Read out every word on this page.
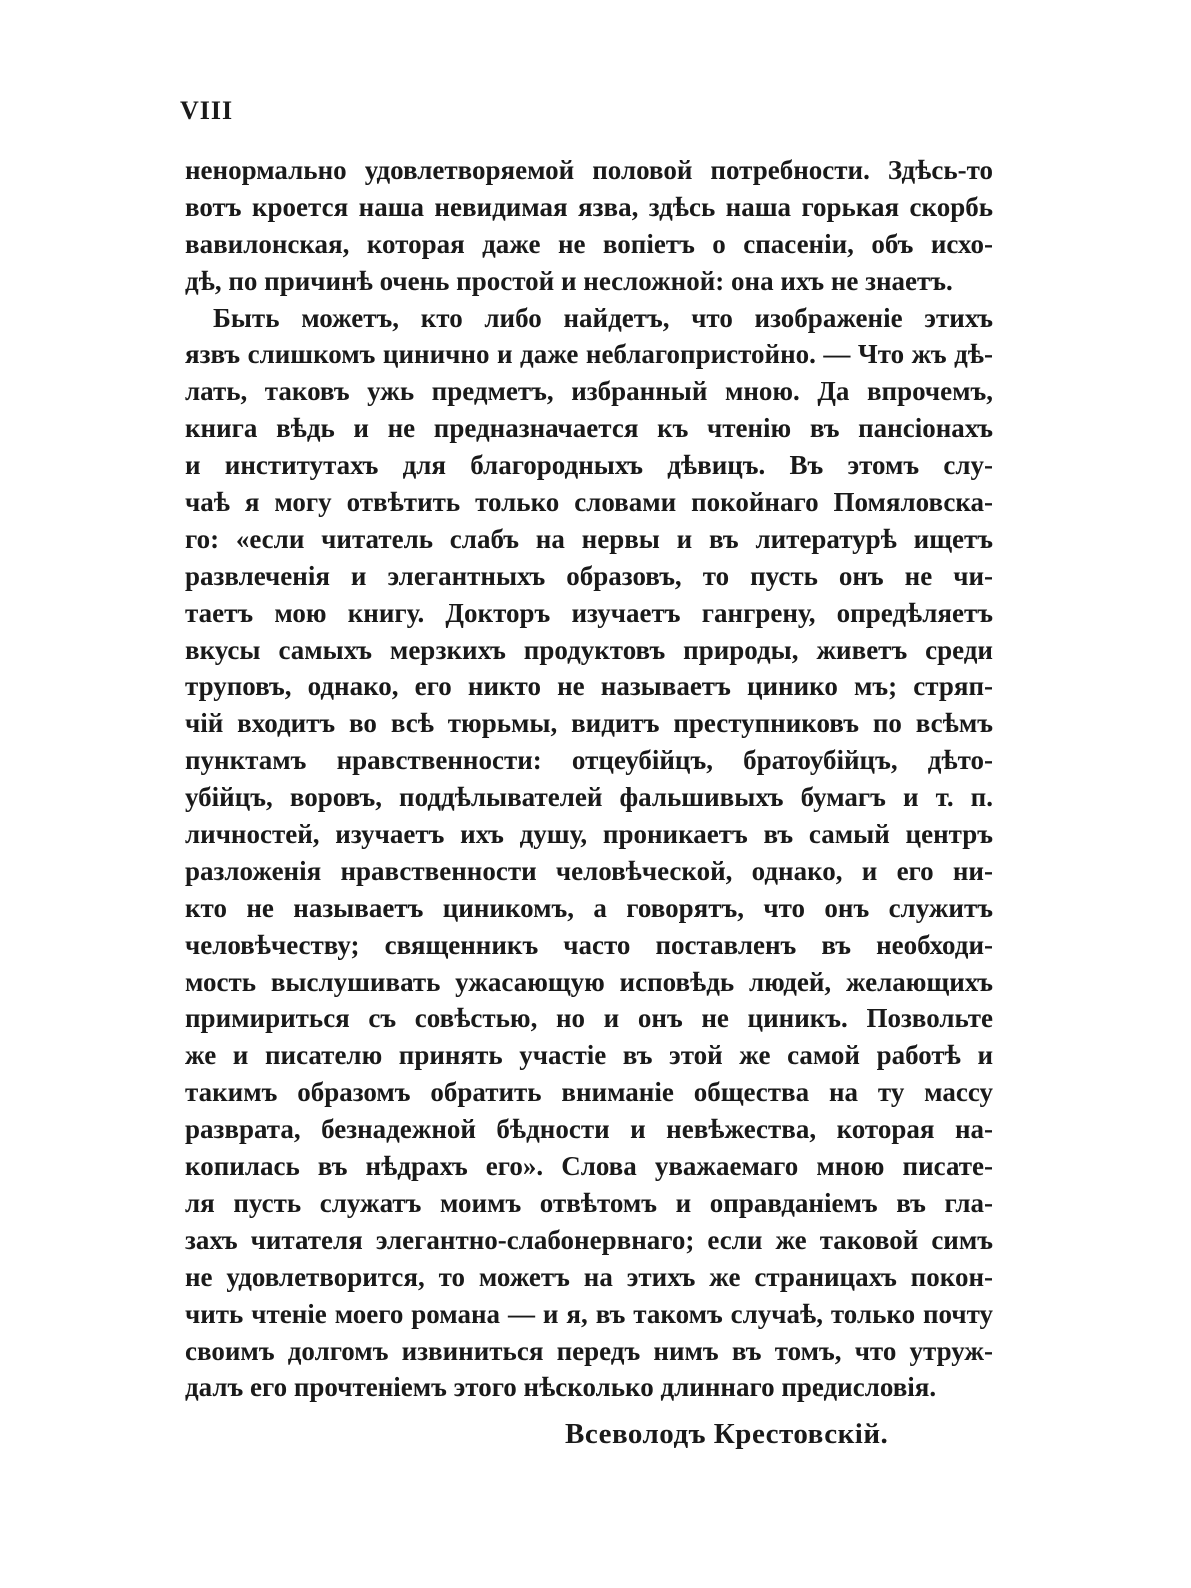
VIII
ненормально удовлетворяемой половой потребности. Здѣсь-то
вотъ кроется наша невидимая язва, здѣсь наша горькая скорбь
вавилонская, которая даже не вопіетъ о спасеніи, объ исхо-
дѣ, по причинѣ очень простой и несложной: она ихъ не знаетъ.
Быть можетъ, кто либо найдетъ, что изображеніе этихъ
язвъ слишкомъ цинично и даже неблагопристойно. — Что жъ дѣ-
лать, таковъ ужь предметъ, избранный мною. Да впрочемъ,
книга вѣдь и не предназначается къ чтенію въ пансіонахъ
и институтахъ для благородныхъ дѣвицъ. Въ этомъ слу-
чаѣ я могу отвѣтить только словами покойнаго Помяловска-
го: «если читатель слабъ на нервы и въ литературѣ ищетъ
развлеченія и элегантныхъ образовъ, то пусть онъ не чи-
таетъ мою книгу. Докторъ изучаетъ гангрену, опредѣляетъ
вкусы самыхъ мерзкихъ продуктовъ природы, живетъ среди
труповъ, однако, его никто не называетъ цинико мъ; стряп-
чій входитъ во всѣ тюрьмы, видитъ преступниковъ по всѣмъ
пунктамъ нравственности: отцеубійцъ, братоубійцъ, дѣто-
убійцъ, воровъ, поддѣлывателей фальшивыхъ бумагъ и т. п.
личностей, изучаетъ ихъ душу, проникаетъ въ самый центръ
разложенія нравственности человѣческой, однако, и его ни-
кто не называетъ циникомъ, а говорятъ, что онъ служитъ
человѣчеству; священникъ часто поставленъ въ необходи-
мость выслушивать ужасающую исповѣдь людей, желающихъ
примириться съ совѣстью, но и онъ не циникъ. Позвольте
же и писателю принять участіе въ этой же самой работѣ и
такимъ образомъ обратить вниманіе общества на ту массу
разврата, безнадежной бѣдности и невѣжества, которая на-
копилась въ нѣдрахъ его». Слова уважаемаго мною писате-
ля пусть служатъ моимъ отвѣтомъ и оправданіемъ въ гла-
захъ читателя элегантно-слабонервнаго; если же таковой симъ
не удовлетворится, то можетъ на этихъ же страницахъ покон-
чить чтеніе моего романа — и я, въ такомъ случаѣ, только почту
своимъ долгомъ извиниться передъ нимъ въ томъ, что утруж-
далъ его прочтеніемъ этого нѣсколько длиннаго предисловія.
Всеволодъ Крестовскій.
